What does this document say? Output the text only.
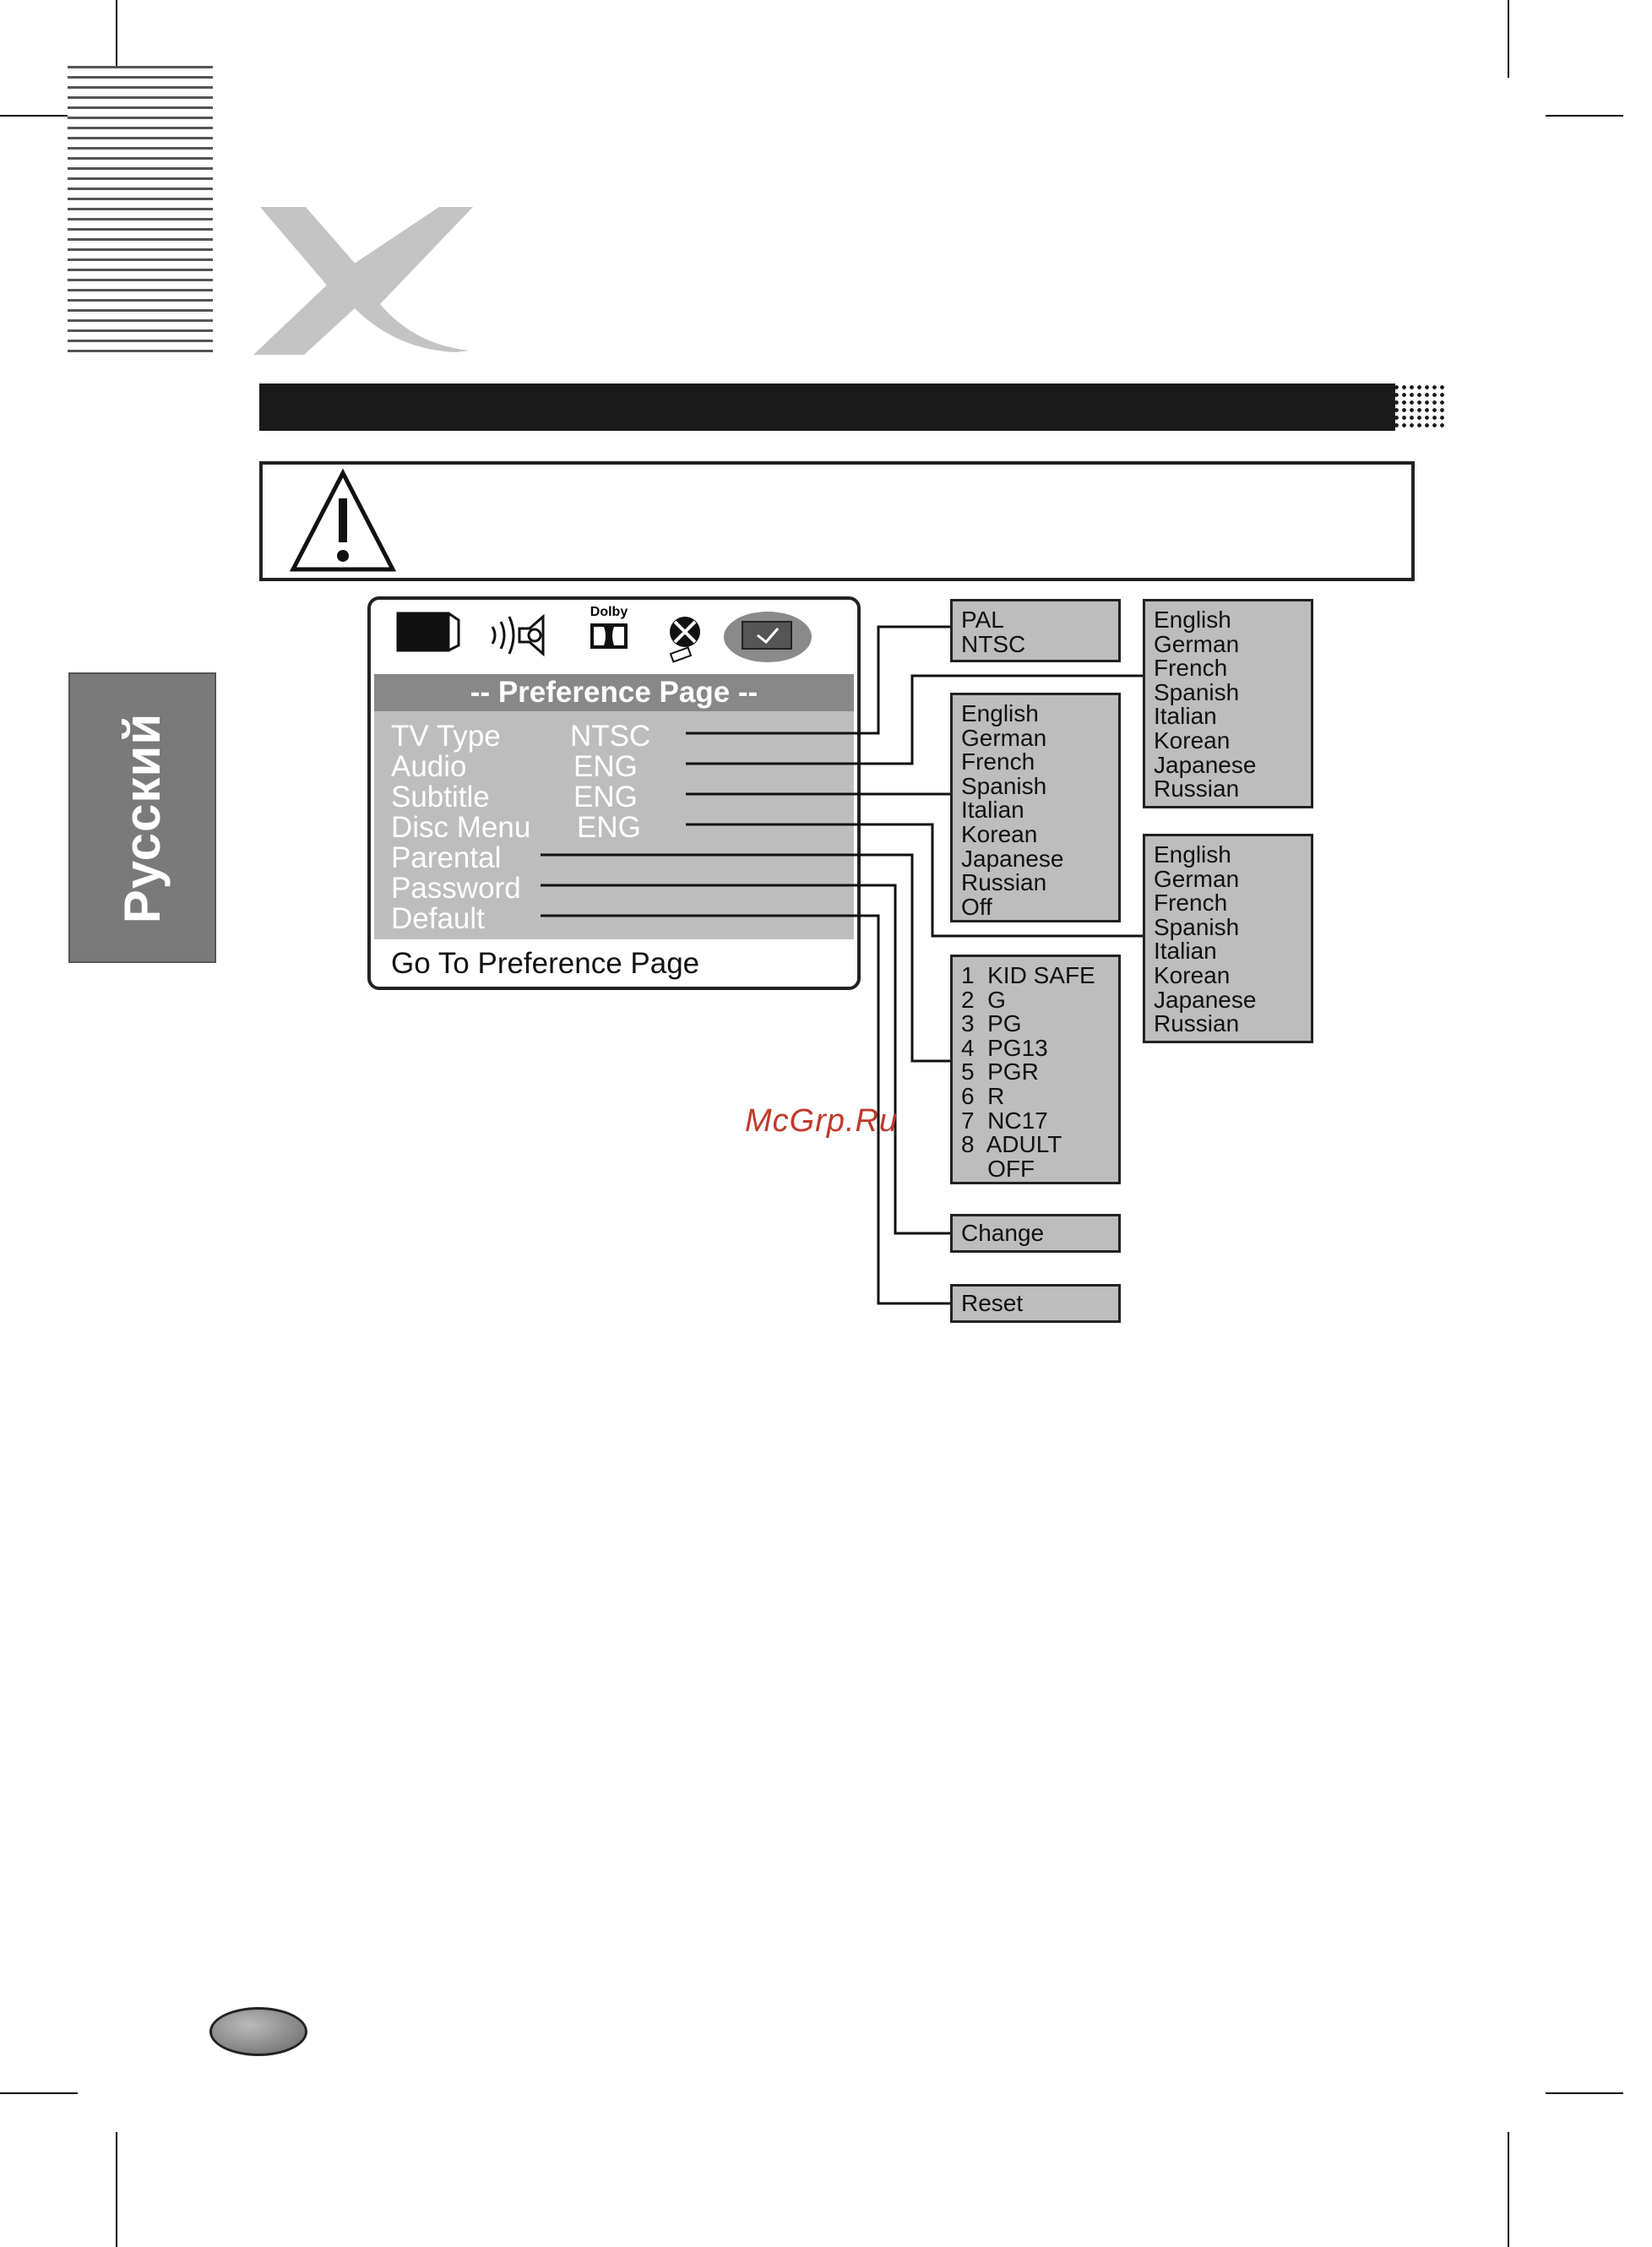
Русский
Dolby
-- Preference Page --
TV Type NTSC
Audio	ENG
Subtitle	ENG
Disc Menu ENG
Parental
Password
Default
Go To Preference Page
PAL
NTSC
English
German
French
Spanish
Italian
Korean
Japanese
Russian
Off
English
German
French
Spanish
Italian
Korean
Japanese
Russian
English
German
French
Spanish
Italian
Korean
Japanese
Russian
1  KID SAFE
2  G
3  PG
4  PG13
5  PGR
6  R
7  NC17
8  ADULT
OFF
Change
Reset
McGrp.Ru
